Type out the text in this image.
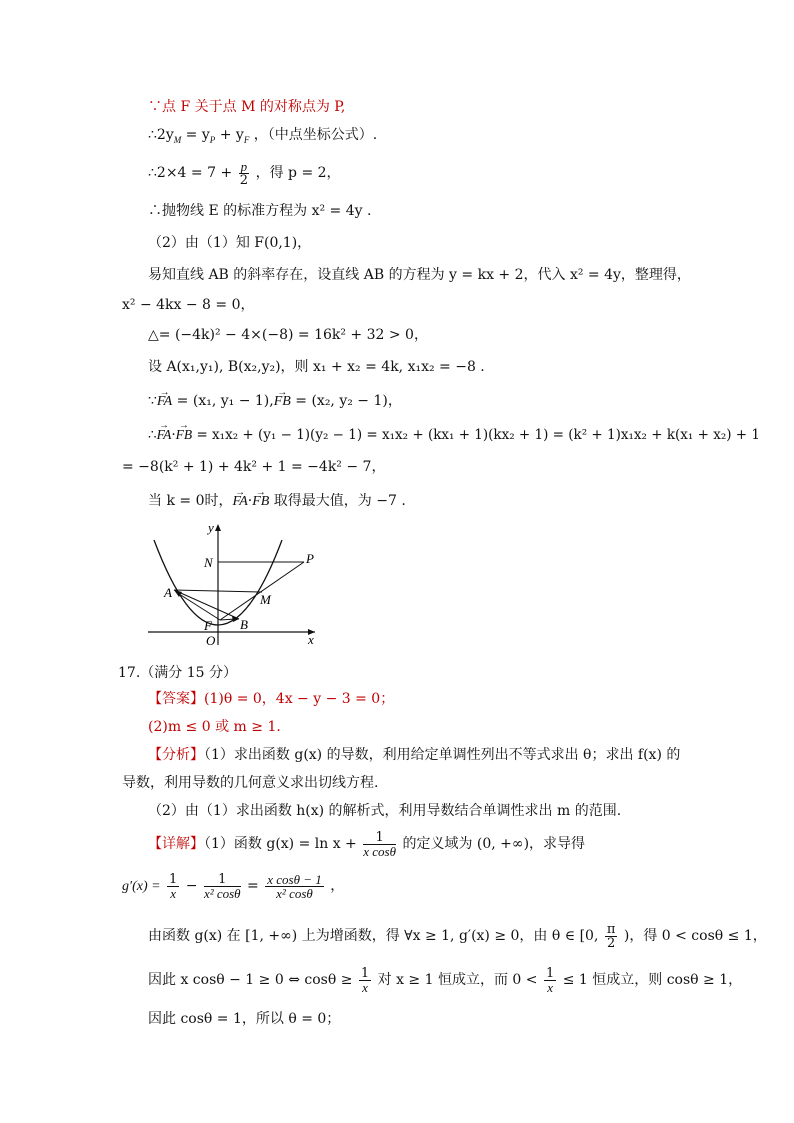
∵点 F 关于点 M 的对称点为 P,
$\therefore 2y_M = y_P + y_F$ ，（中点坐标公式）.
∴2×4 = $7 + \frac{p}{2}$ ，得 p = 2，
∴抛物线 E 的标准方程为 x² = 4y .
（2）由（1）知 F(0,1)，
易知直线 AB 的斜率存在，设直线 AB 的方程为 y = kx + 2，代入 x² = 4y，整理得，
x² − 4kx − 8 = 0，
△= (−4k)² − 4×(−8) = 16k² + 32 > 0，
设 A(x₁,y₁), B(x₂,y₂)，则 x₁ + x₂ = 4k, x₁x₂ = −8 .
∵→ FA = (x₁, y₁ − 1),→ FB = (x₂, y₂ − 1)，
∴→ FA·→ FB = x₁x₂ + (y₁ − 1)(y₂ − 1) = x₁x₂ + (kx₁ + 1)(kx₂ + 1) = (k² + 1)x₁x₂ + k(x₁ + x₂) + 1
= −8(k² + 1) + 4k² + 1 = −4k² − 7，
当 k = 0时，→ FA·→ FB 取得最大值，为 −7 .
y
x
N	P
A	M
F
O
B
17.（满分 15 分）
【答案】(1)θ = 0，4x − y − 3 = 0；
(2)m ≤ 0 或 m ≥ 1.
【分析】（1）求出函数 g(x) 的导数，利用给定单调性列出不等式求出 θ；求出 f(x) 的
导数，利用导数的几何意义求出切线方程.
（2）由（1）求出函数 h(x) 的解析式，利用导数结合单调性求出 m 的范围.
【详解】（1）函数 $g(x) = \ln x + \frac{1}{\text{x cosθ}}$ 的定义域为 (0, +∞)，求导得
$g'(x) = \frac{1}{x} - \frac{1}{\text{x² cosθ}} = \frac{\text{x cosθ − 1}}{\text{x² cosθ}}$ ，
由函数 g(x) 在 [1, +∞) 上为增函数，得 ∀x ≥ 1, g′(x) ≥ 0，由 θ ∈ [0, $\frac{\pi}{2}$ )，得 0 < cosθ ≤ 1，
因此 x cosθ − 1 ≥ 0 ⇔ $\cos\theta \ge \frac{1}{x}$ 对 x ≥ 1 恒成立，而 $0 < \frac{1}{x} \le 1$ 恒成立，则 cosθ ≥ 1，
因此 cosθ = 1，所以 θ = 0；
